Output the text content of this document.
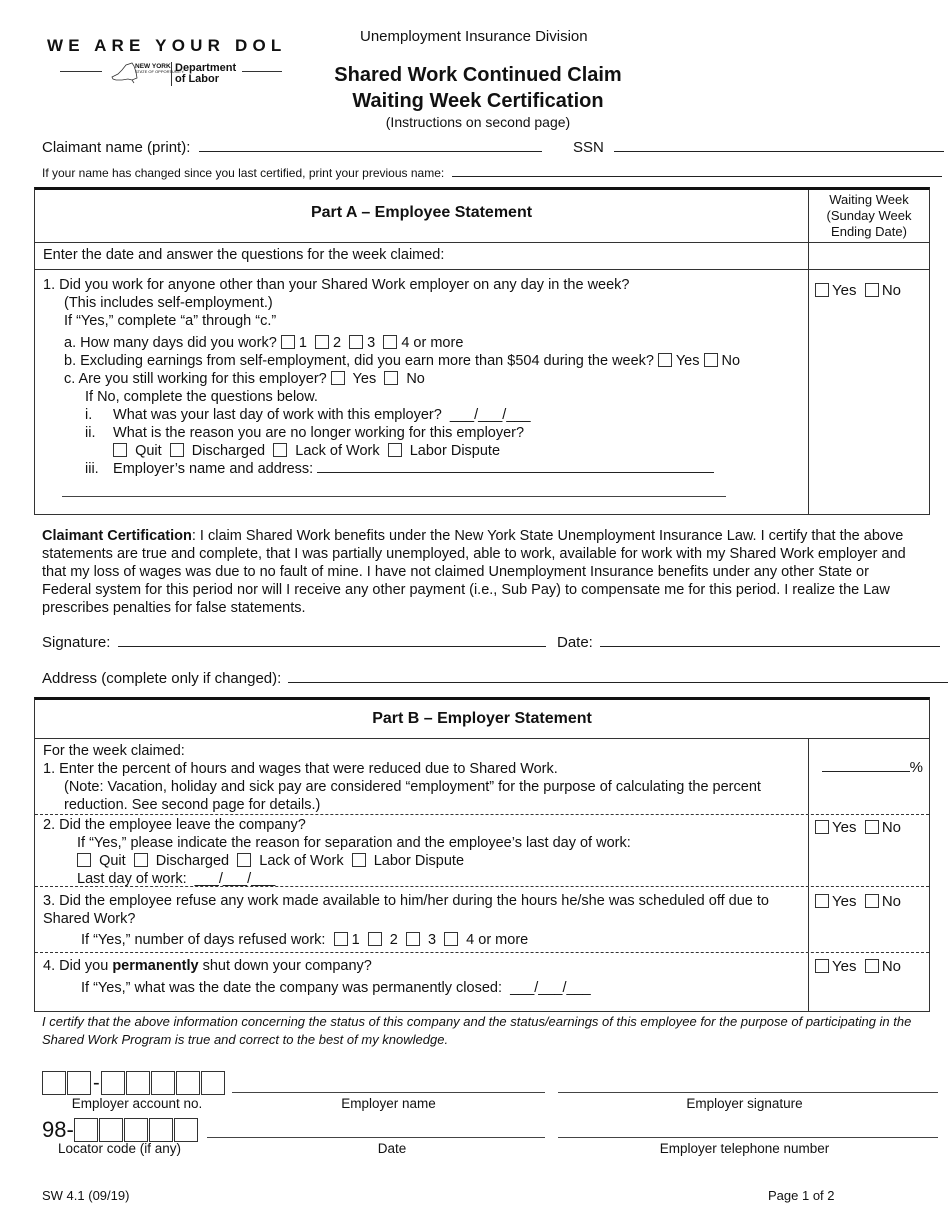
WE ARE YOUR DOL
NEW YORK
STATE OF OPPORTUNITY.
Department
of Labor
Unemployment Insurance Division
Shared Work Continued Claim
Waiting Week Certification
(Instructions on second page)
Claimant name (print):	SSN
If your name has changed since you last certified, print your previous name:
Part A – Employee Statement
Waiting Week
(Sunday Week
Ending Date)
Enter the date and answer the questions for the week claimed:

1. Did you work for anyone other than your Shared Work employer on any day in the week?

(This includes self-employment.)

If “Yes,” complete “a” through “c.”

a. How many days did you work? 1 2 3 4 or more

b. Excluding earnings from self-employment, did you earn more than $504 during the week? Yes No

c. Are you still working for this employer? Yes No

If No, complete the questions below.

i. What was your last day of work with this employer? ___/___/___

ii. What is the reason you are no longer working for this employer?

Quit Discharged Lack of Work Labor Dispute

iii. Employer’s name and address:

Yes No
Claimant Certification: I claim Shared Work benefits under the New York State Unemployment Insurance Law. I certify that the above statements are true and complete, that I was partially unemployed, able to work, available for work with my Shared Work employer and that my loss of wages was due to no fault of mine. I have not claimed Unemployment Insurance benefits under any other State or Federal system for this period nor will I receive any other payment (i.e., Sub Pay) to compensate me for this period. I realize the Law prescribes penalties for false statements.
Signature:	Date:
Address (complete only if changed):
Part B – Employer Statement

For the week claimed:

1. Enter the percent of hours and wages that were reduced due to Shared Work.

(Note: Vacation, holiday and sick pay are considered “employment” for the purpose of calculating the percent reduction. See second page for details.)

%

2. Did the employee leave the company?

If “Yes,” please indicate the reason for separation and the employee’s last day of work:

Quit Discharged Lack of Work Labor Dispute

Last day of work: ___/___/___

Yes No

3. Did the employee refuse any work made available to him/her during the hours he/she was scheduled off due to Shared Work?

If “Yes,” number of days refused work: 1 2 3 4 or more

Yes No

4. Did you permanently shut down your company?

If “Yes,” what was the date the company was permanently closed: ___/___/___

Yes No
I certify that the above information concerning the status of this company and the status/earnings of this employee for the purpose of participating in the Shared Work Program is true and correct to the best of my knowledge.
-
Employer account no.	Employer name	Employer signature
98-
Locator code (if any)	Date	Employer telephone number
SW 4.1 (09/19)	Page 1 of 2
